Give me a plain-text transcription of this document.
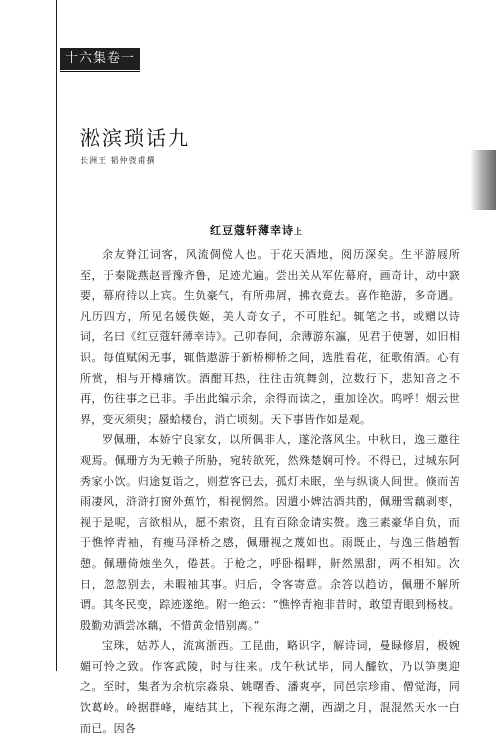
十六集卷一
淞滨琐话九
长洲王 韬仲弢甫撰
红豆蔻轩薄幸诗上

余友脊江词客，风流倜傥人也。于花天酒地，阅历深矣。生平游屐所至，于秦陇燕赵晋豫齐鲁，足迹尤遍。尝出关从军佐幕府，画奇计，动中窾要，幕府待以上宾。生负豪气，有所弗屑，拂衣竟去。喜作艳游，多奇遇。凡历四方，所见名媛佚姬，美人奇女子，不可胜纪。辄笔之书，或赠以诗词，名曰《红豆蔻轩薄幸诗》。己卯春间，余薄游东瀛，见君于使署，如旧相识。每值赋闲无事，辄偕遨游于新桥柳桥之间，选胜看花，征歌侑酒。心有所赏，相与开樽痛饮。酒酣耳热，往往击筑舞剑，泣数行下，悲知音之不再，伤往事之已非。手出此编示余，余得而读之，重加诠次。呜呼！烟云世界，变灭须臾；蜃蛤楼台，消亡顷刻。天下事皆作如是观。

罗佩珊，本娇宁良家女，以所偶非人，遂沦落风尘。中秋日，逸三邀往观焉。佩珊方为无赖子所胁，宛转欲死，然殊楚娴可怜。不得已，过城东阿秀家小饮。归途复诣之，则惹客已去，孤灯未眠，坐与纵谈人间世。倏而苦雨凄风，浒浒打窗外蕉竹，相视惘然。因遣小婢沽酒共酌，佩珊雪藕剥枣，视于是呢，言欲相从，愿不索资，且有百除金请实赘。逸三素豪华自负，而于憔悴青袖，有瘦马泽桥之感，佩珊视之蔑如也。雨既止，与逸三偕趟暂憩。佩珊倚烛坐久，倦甚。于枪之，呼卧榻畔，鼾然黑甜，两不相知。次日，忽忽别去，未暇袖其事。归后，令客寄意。余答以趋访，佩珊不解所谓。其冬民变，踪迹遂绝。附一绝云：“憔悴青袍非昔时，敢望青眼到杨枝。殷勤劝酒尝冰藕，不惜黄金惜别离。”

宝珠，姑苏人，流寓浙西。工昆曲，略识字，解诗词，曼睩修眉，极婉媚可怜之致。作客武陵，时与往来。戊午秋试毕，同人醵钦，乃以笋奥迎之。至时，集者为余杭宗淼泉、姚曙香、潘爽亭，同邑宗珍甫、僧觉海，同饮葛岭。岭据群峰，庵结其上，下视东海之潮，西湖之月，混混然天水一白而已。因各
